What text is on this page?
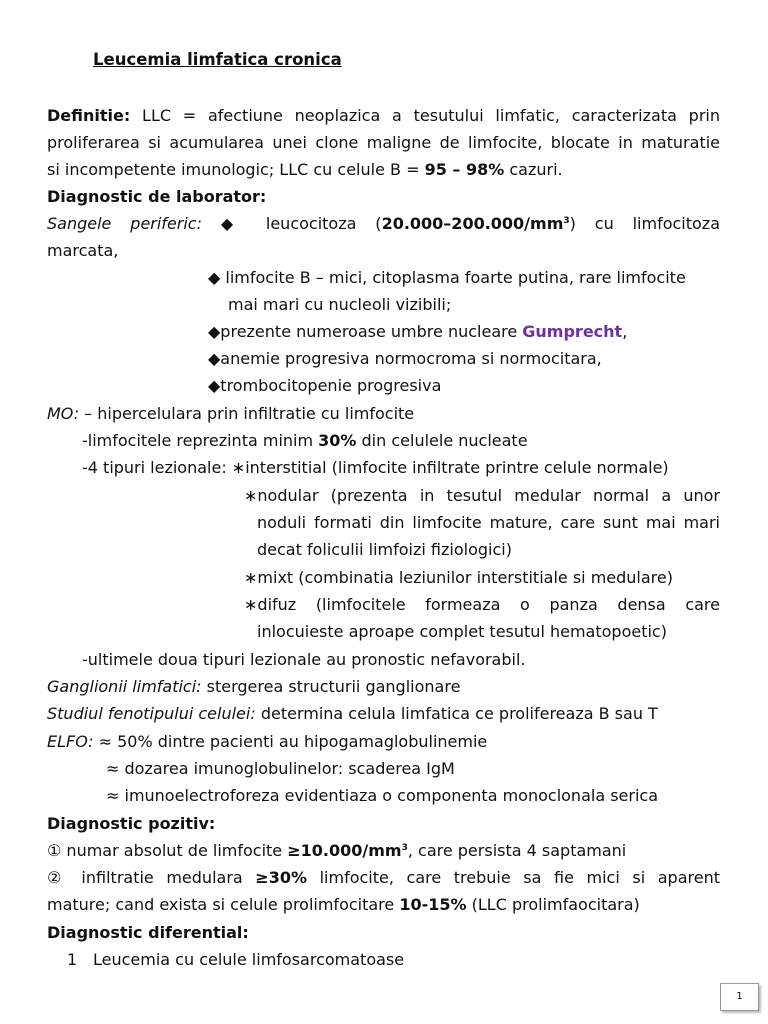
Leucemia limfatica cronica
Definitie: LLC = afectiune neoplazica a tesutului limfatic, caracterizata prin
proliferarea si acumularea unei clone maligne de limfocite, blocate in maturatie
si incompetente imunologic; LLC cu celule B = 95 – 98% cazuri.
Diagnostic de laborator:
Sangele periferic: ◆ leucocitoza $(20.000-200.000/mm^3)$ cu limfocitoza
marcata,
◆ limfocite B – mici, citoplasma foarte putina, rare limfocite
mai mari cu nucleoli vizibili;
◆prezente numeroase umbre nucleare Gumprecht,
◆anemie progresiva normocroma si normocitara,
◆trombocitopenie progresiva
MO: – hipercelulara prin infiltratie cu limfocite
-limfocitele reprezinta minim 30% din celulele nucleate
-4 tipuri lezionale: ∗interstitial (limfocite infiltrate printre celule normale)
∗nodular (prezenta in tesutul medular normal a unor
noduli formati din limfocite mature, care sunt mai mari
decat foliculii limfoizi fiziologici)
∗mixt (combinatia leziunilor interstitiale si medulare)
∗difuz (limfocitele formeaza o panza densa care
inlocuieste aproape complet tesutul hematopoetic)
-ultimele doua tipuri lezionale au pronostic nefavorabil.
Ganglionii limfatici: stergerea structurii ganglionare
Studiul fenotipului celulei: determina celula limfatica ce prolifereaza B sau T
ELFO: ≈ 50% dintre pacienti au hipogamaglobulinemie
≈ dozarea imunoglobulinelor: scaderea IgM
≈ imunoelectroforeza evidentiaza o componenta monoclonala serica
Diagnostic pozitiv:
① numar absolut de limfocite $\ge 10.000/mm^3$, care persista 4 saptamani
② infiltratie medulara ≥30% limfocite, care trebuie sa fie mici si aparent
mature; cand exista si celule prolimfocitare 10-15% (LLC prolimfaocitara)
Diagnostic diferential:
1 Leucemia cu celule limfosarcomatoase
1
